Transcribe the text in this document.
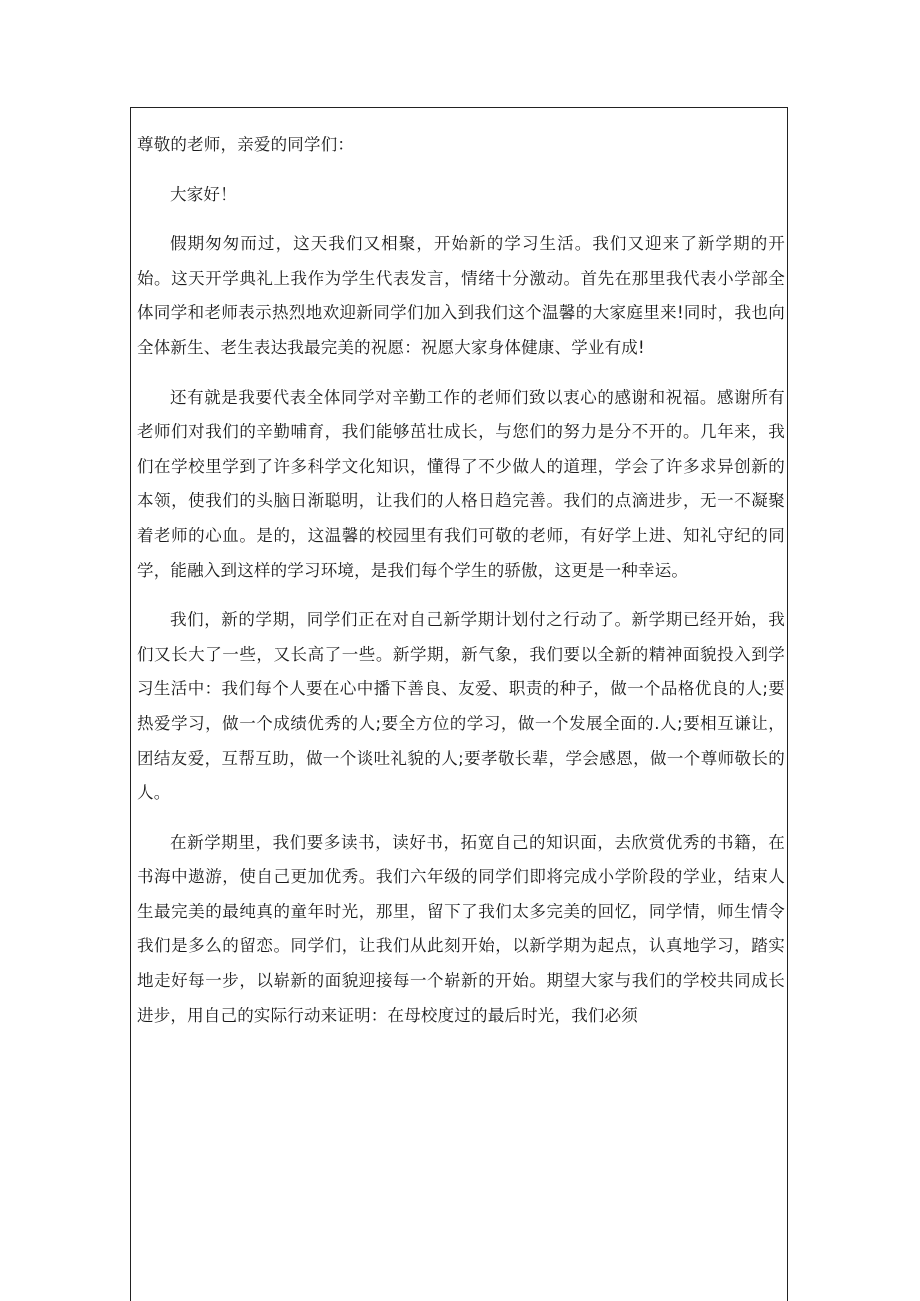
尊敬的老师，亲爱的同学们：

大家好！

假期匆匆而过，这天我们又相聚，开始新的学习生活。我们又迎来了新学期的开始。这天开学典礼上我作为学生代表发言，情绪十分激动。首先在那里我代表小学部全体同学和老师表示热烈地欢迎新同学们加入到我们这个温馨的大家庭里来!同时，我也向全体新生、老生表达我最完美的祝愿：祝愿大家身体健康、学业有成!

还有就是我要代表全体同学对辛勤工作的老师们致以衷心的感谢和祝福。感谢所有老师们对我们的辛勤哺育，我们能够茁壮成长，与您们的努力是分不开的。几年来，我们在学校里学到了许多科学文化知识，懂得了不少做人的道理，学会了许多求异创新的本领，使我们的头脑日渐聪明，让我们的人格日趋完善。我们的点滴进步，无一不凝聚着老师的心血。是的，这温馨的校园里有我们可敬的老师，有好学上进、知礼守纪的同学，能融入到这样的学习环境，是我们每个学生的骄傲，这更是一种幸运。

我们，新的学期，同学们正在对自己新学期计划付之行动了。新学期已经开始，我们又长大了一些，又长高了一些。新学期，新气象，我们要以全新的精神面貌投入到学习生活中：我们每个人要在心中播下善良、友爱、职责的种子，做一个品格优良的人;要热爱学习，做一个成绩优秀的人;要全方位的学习，做一个发展全面的.人;要相互谦让，团结友爱，互帮互助，做一个谈吐礼貌的人;要孝敬长辈，学会感恩，做一个尊师敬长的人。

在新学期里，我们要多读书，读好书，拓宽自己的知识面，去欣赏优秀的书籍，在书海中遨游，使自己更加优秀。我们六年级的同学们即将完成小学阶段的学业，结束人生最完美的最纯真的童年时光，那里，留下了我们太多完美的回忆，同学情，师生情令我们是多么的留恋。同学们，让我们从此刻开始，以新学期为起点，认真地学习，踏实地走好每一步，以崭新的面貌迎接每一个崭新的开始。期望大家与我们的学校共同成长进步，用自己的实际行动来证明：在母校度过的最后时光，我们必须
